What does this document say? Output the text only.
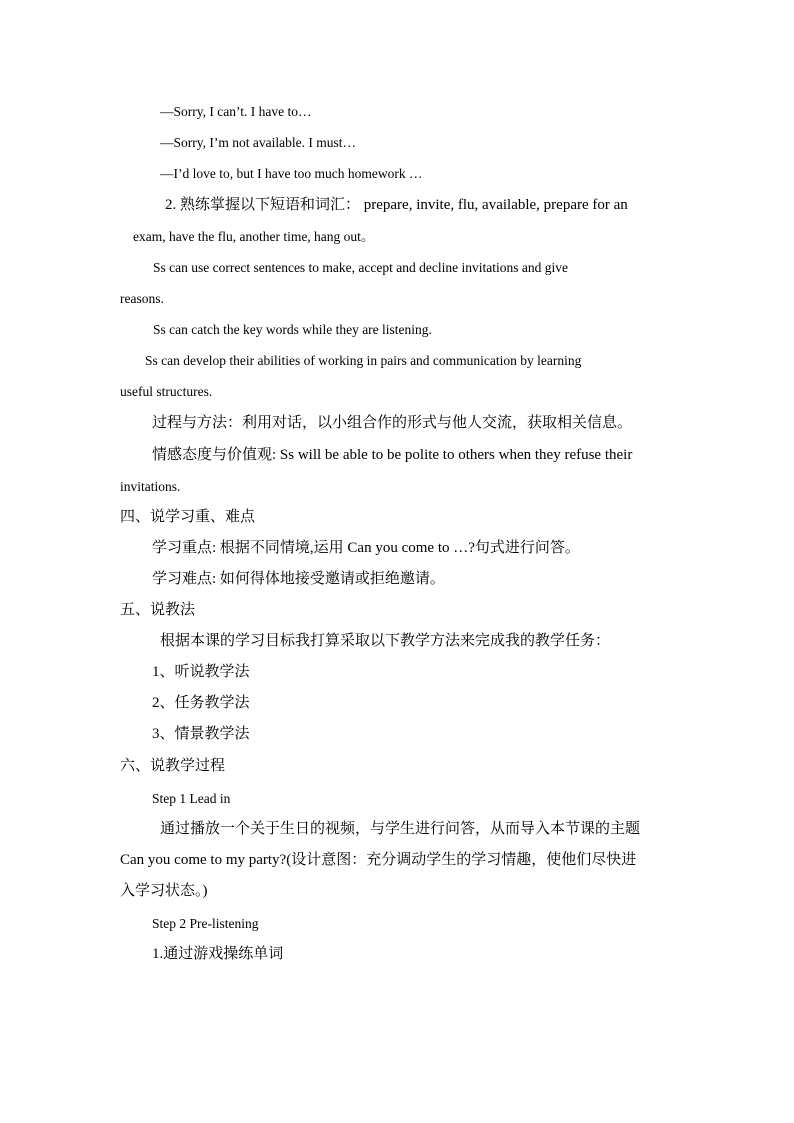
—Sorry, I can’t. I have to…
—Sorry, I’m not available. I must…
—I’d love to, but I have too much homework …
2. 熟练掌握以下短语和词汇： prepare, invite, flu, available, prepare for an
exam, have the flu, another time, hang out。
Ss can use correct sentences to make, accept and decline invitations and give
reasons.
Ss can catch the key words while they are listening.
Ss can develop their abilities of working in pairs and communication by learning
useful structures.
过程与方法：利用对话，以小组合作的形式与他人交流，获取相关信息。
情感态度与价值观: Ss will be able to be polite to others when they refuse their
invitations.
四、说学习重、难点
学习重点: 根据不同情境,运用 Can you come to …?句式进行问答。
学习难点: 如何得体地接受邀请或拒绝邀请。
五、说教法
根据本课的学习目标我打算采取以下教学方法来完成我的教学任务：
1、听说教学法
2、任务教学法
3、情景教学法
六、说教学过程
Step 1 Lead in
通过播放一个关于生日的视频，与学生进行问答，从而导入本节课的主题
Can you come to my party?(设计意图：充分调动学生的学习情趣，使他们尽快进
入学习状态。)
Step 2 Pre-listening
1.通过游戏操练单词
